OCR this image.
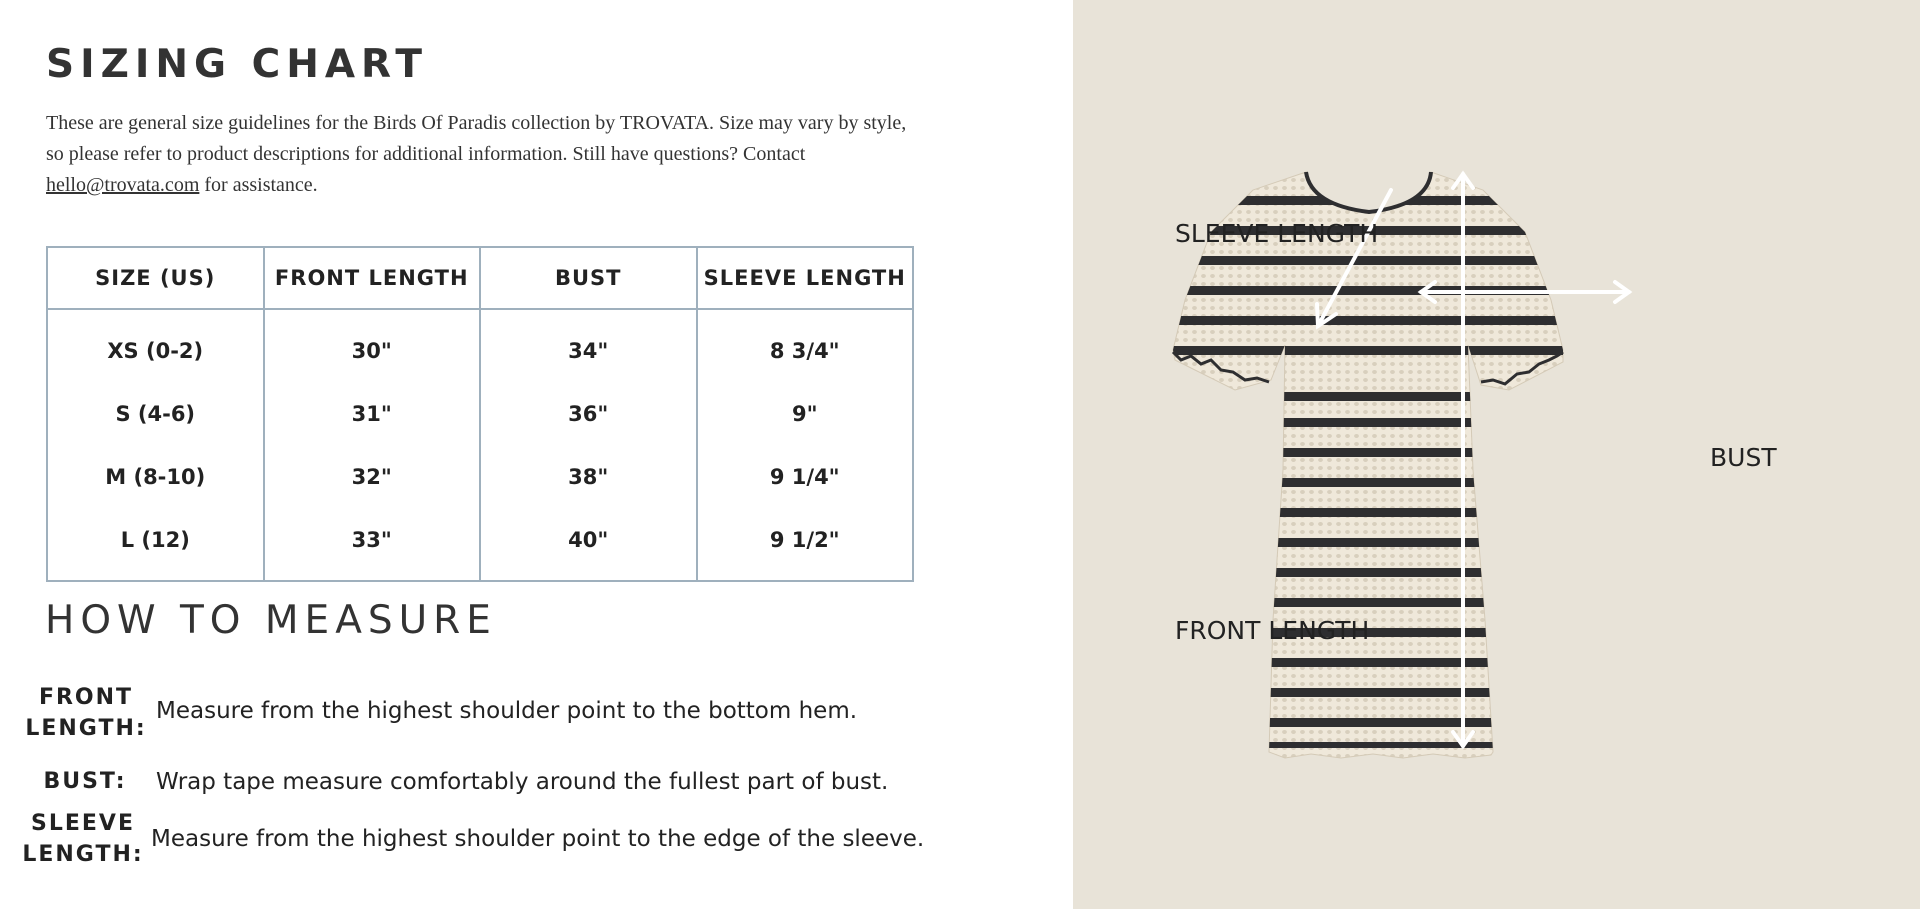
SIZING CHART

These are general size guidelines for the Birds Of Paradis collection by TROVATA. Size may vary by style, so please refer to product descriptions for additional information. Still have questions? Contact hello@trovata.com for assistance.

SIZE (US)	FRONT LENGTH	BUST	SLEEVE LENGTH
XS (0-2)	30"	34"	8 3/4"
S (4-6)	31"	36"	9"
M (8-10)	32"	38"	9 1/4"
L (12)	33"	40"	9 1/2"
HOW TO MEASURE
FRONT
LENGTH:
Measure from the highest shoulder point to the bottom hem.
BUST:	Wrap tape measure comfortably around the fullest part of bust.
SLEEVE
LENGTH:
Measure from the highest shoulder point to the edge of the sleeve.
SLEEVE LENGTH
BUST
FRONT LENGTH
